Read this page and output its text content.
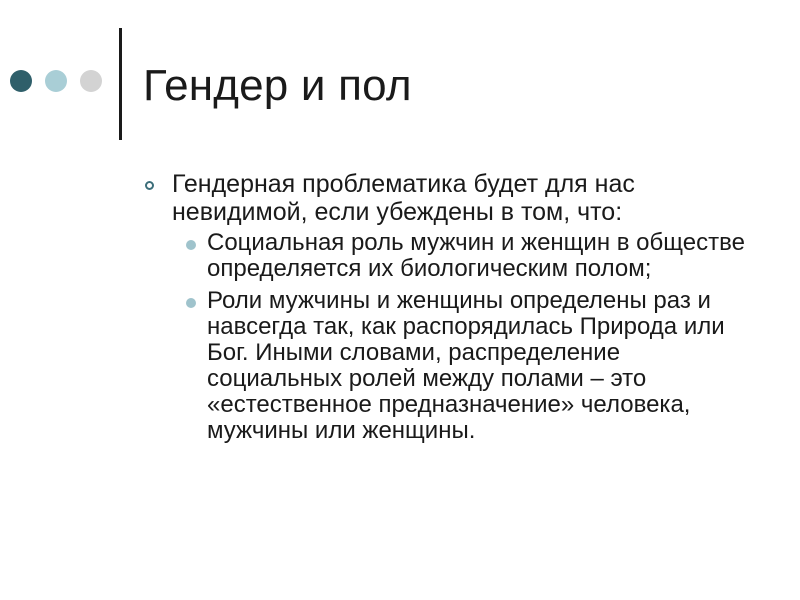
Гендер и пол
Гендерная проблематика будет для нас невидимой, если убеждены в том, что:
Социальная роль мужчин и женщин в обществе определяется их биологическим полом;
Роли мужчины и женщины определены раз и навсегда так, как распорядилась Природа или Бог. Иными словами, распределение социальных ролей между полами – это «естественное предназначение» человека, мужчины или женщины.
